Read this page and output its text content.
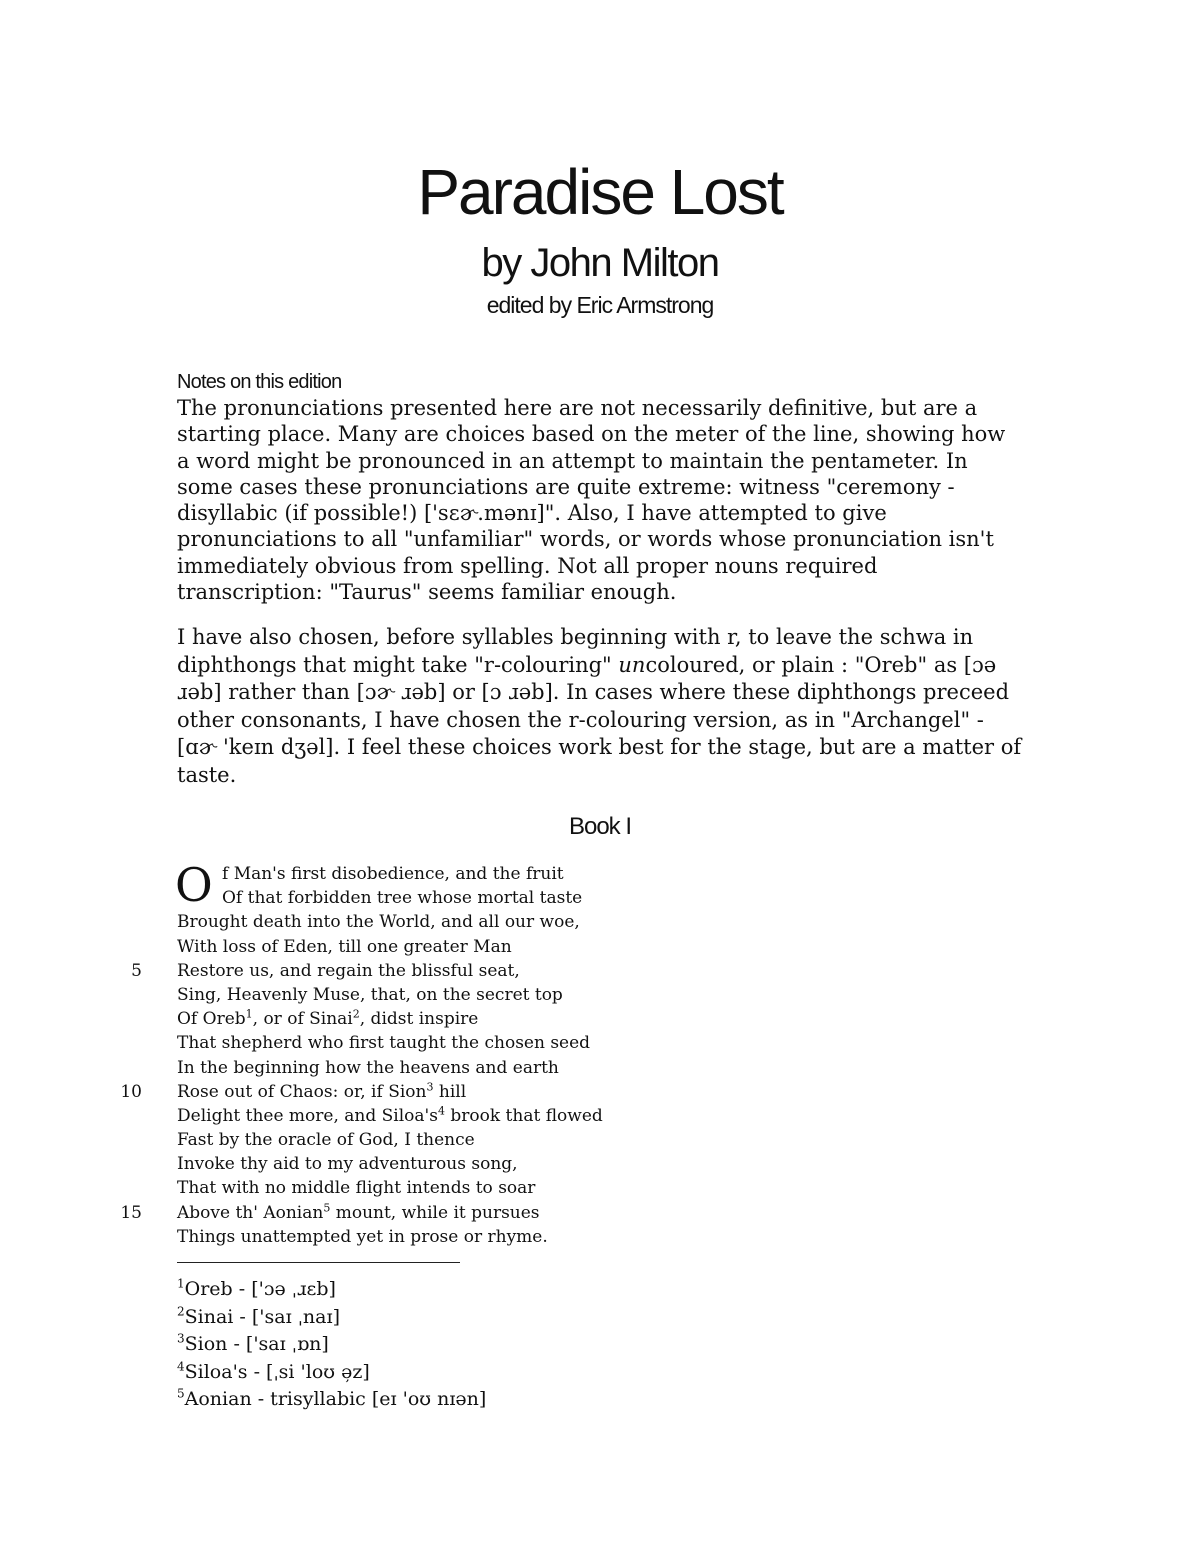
Paradise Lost
by John Milton
edited by Eric Armstrong
Notes on this edition

The pronunciations presented here are not necessarily definitive, but are a starting place. Many are choices based on the meter of the line, showing how a word might be pronounced in an attempt to maintain the pentameter. In some cases these pronunciations are quite extreme: witness "ceremony - disyllabic (if possible!) ['sɛɚ.mənɪ]". Also, I have attempted to give pronunciations to all "unfamiliar" words, or words whose pronunciation isn't immediately obvious from spelling. Not all proper nouns required transcription: "Taurus" seems familiar enough.

I have also chosen, before syllables beginning with r, to leave the schwa in diphthongs that might take "r-colouring" uncoloured, or plain : "Oreb" as [ɔə ɹəb] rather than [ɔɚ ɹəb] or [ɔ ɹəb]. In cases where these diphthongs preceed other consonants, I have chosen the r-colouring version, as in "Archangel" - [ɑɚ 'keɪn dʒəl]. I feel these choices work best for the stage, but are a matter of taste.

Book I
O f Man's first disobedience, and the fruit
Of that forbidden tree whose mortal taste
Brought death into the World, and all our woe,
With loss of Eden, till one greater Man
5 Restore us, and regain the blissful seat,
Sing, Heavenly Muse, that, on the secret top
Of Oreb$^1$, or of Sinai$^2$, didst inspire
That shepherd who first taught the chosen seed
In the beginning how the heavens and earth
10 Rose out of Chaos: or, if Sion$^3$ hill
Delight thee more, and $Siloa's^4$ brook that flowed
Fast by the oracle of God, I thence
Invoke thy aid to my adventurous song,
That with no middle flight intends to soar
15 Above th' Aonian$^5$ mount, while it pursues
Things unattempted yet in prose or rhyme.
$^1$Oreb - ['ɔə ˌɹɛb]
$^2$Sinai - ['saɪ ˌnaɪ]
$^3$Sion - ['saɪ ˌɒn]
$^4$Siloa's - [ˌsi 'loʊ ə̦z]
$^5$Aonian - trisyllabic [eɪ 'oʊ nɪən]
